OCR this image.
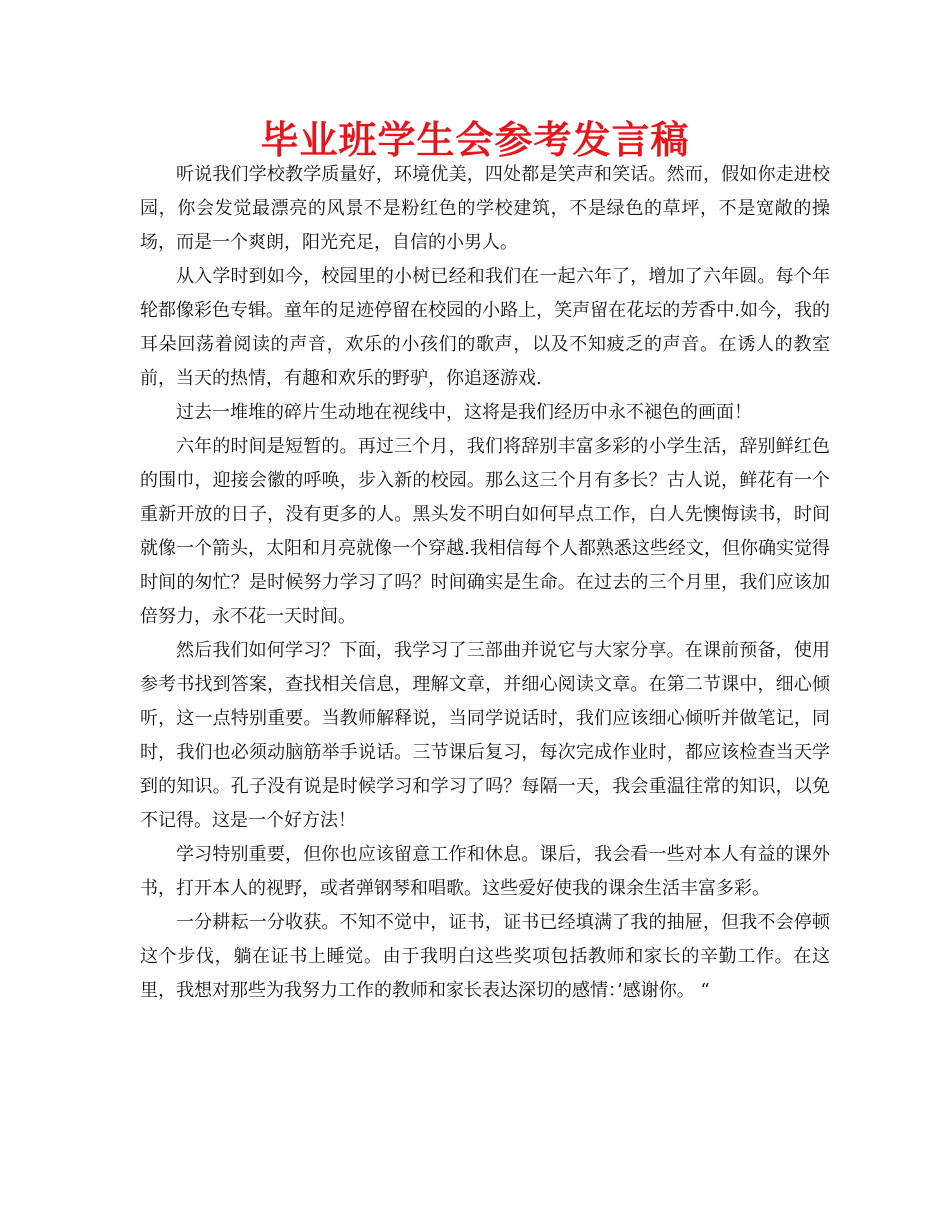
毕业班学生会参考发言稿

听说我们学校教学质量好，环境优美，四处都是笑声和笑话。然而，假如你走进校园，你会发觉最漂亮的风景不是粉红色的学校建筑，不是绿色的草坪，不是宽敞的操场，而是一个爽朗，阳光充足，自信的小男人。

从入学时到如今，校园里的小树已经和我们在一起六年了，增加了六年圆。每个年轮都像彩色专辑。童年的足迹停留在校园的小路上，笑声留在花坛的芳香中.如今，我的耳朵回荡着阅读的声音，欢乐的小孩们的歌声，以及不知疲乏的声音。在诱人的教室前，当天的热情，有趣和欢乐的野驴，你追逐游戏.

过去一堆堆的碎片生动地在视线中，这将是我们经历中永不褪色的画面！

六年的时间是短暂的。再过三个月，我们将辞别丰富多彩的小学生活，辞别鲜红色的围巾，迎接会徽的呼唤，步入新的校园。那么这三个月有多长？古人说，鲜花有一个重新开放的日子，没有更多的人。黑头发不明白如何早点工作，白人先懊悔读书，时间就像一个箭头，太阳和月亮就像一个穿越.我相信每个人都熟悉这些经文，但你确实觉得时间的匆忙？是时候努力学习了吗？时间确实是生命。在过去的三个月里，我们应该加倍努力，永不花一天时间。

然后我们如何学习？下面，我学习了三部曲并说它与大家分享。在课前预备，使用参考书找到答案，查找相关信息，理解文章，并细心阅读文章。在第二节课中，细心倾听，这一点特别重要。当教师解释说，当同学说话时，我们应该细心倾听并做笔记，同时，我们也必须动脑筋举手说话。三节课后复习，每次完成作业时，都应该检查当天学到的知识。孔子没有说是时候学习和学习了吗？每隔一天，我会重温往常的知识，以免不记得。这是一个好方法！

学习特别重要，但你也应该留意工作和休息。课后，我会看一些对本人有益的课外书，打开本人的视野，或者弹钢琴和唱歌。这些爱好使我的课余生活丰富多彩。

一分耕耘一分收获。不知不觉中，证书，证书已经填满了我的抽屉，但我不会停顿这个步伐，躺在证书上睡觉。由于我明白这些奖项包括教师和家长的辛勤工作。在这里，我想对那些为我努力工作的教师和家长表达深切的感情：’感谢你。 “
